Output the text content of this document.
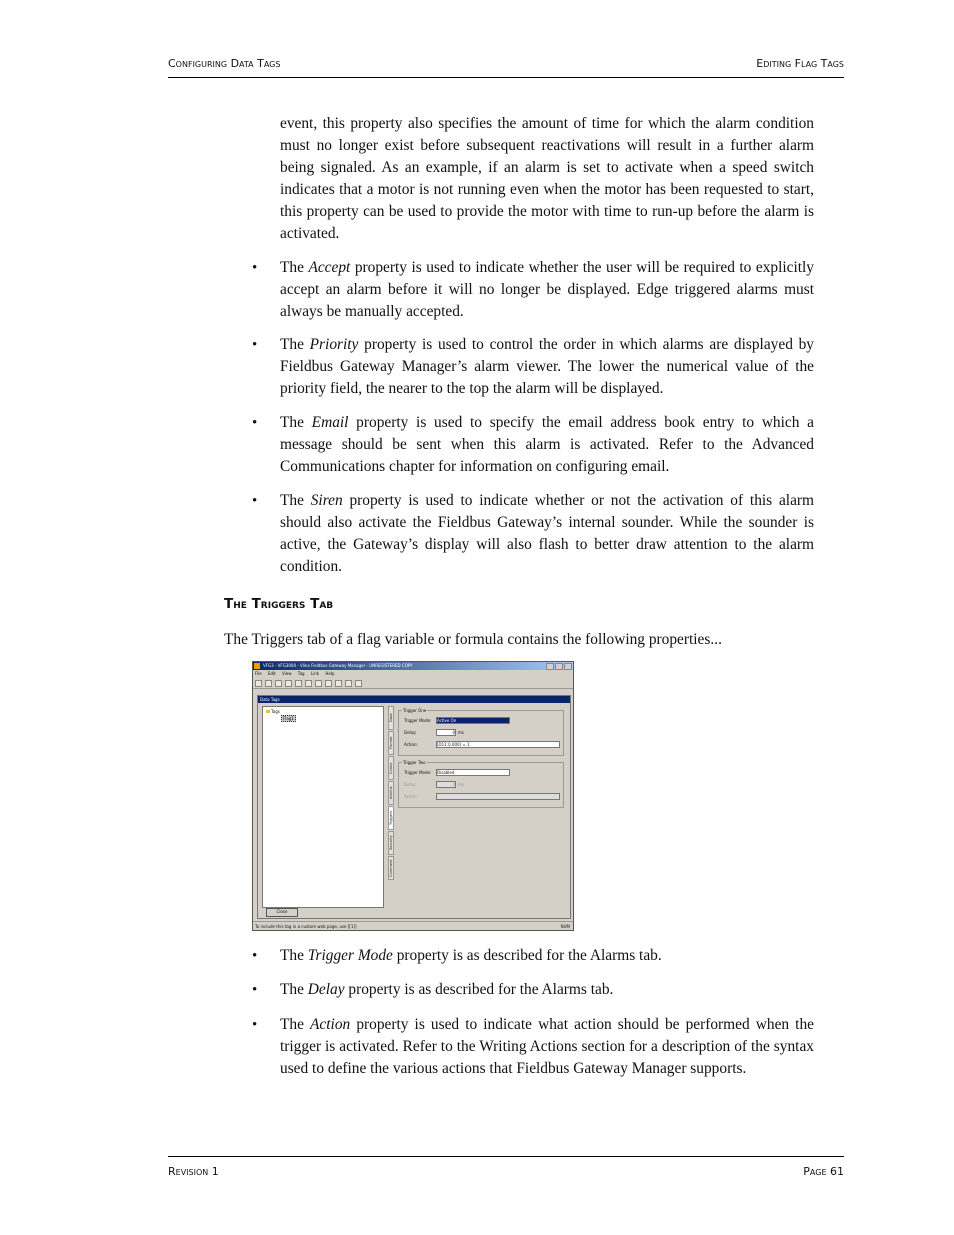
Configuring Data Tags	Editing Flag Tags

event, this property also specifies the amount of time for which the alarm condition must no longer exist before subsequent reactivations will result in a further alarm being signaled. As an example, if an alarm is set to activate when a speed switch indicates that a motor is not running even when the motor has been requested to start, this property can be used to provide the motor with time to run-up before the alarm is activated.

• The Accept property is used to indicate whether the user will be required to explicitly accept an alarm before it will no longer be displayed. Edge triggered alarms must always be manually accepted.

• The Priority property is used to control the order in which alarms are displayed by Fieldbus Gateway Manager’s alarm viewer. The lower the numerical value of the priority field, the nearer to the top the alarm will be displayed.

• The Email property is used to specify the email address book entry to which a message should be sent when this alarm is activated. Refer to the Advanced Communications chapter for information on configuring email.

• The Siren property is used to indicate whether or not the activation of this alarm should also activate the Fieldbus Gateway’s internal sounder. While the sounder is active, the Gateway’s display will also flash to better draw attention to the alarm condition.

The Triggers Tab

The Triggers tab of a flag variable or formula contains the following properties...

VFG3 - VFG3000 - Vlinx Fieldbus Gateway Manager - UNREGISTERED COPY
File Edit View Tag Link Help
Data Tags
Tags
Flag1
Close
Data
Format
Colors
Alarms
Triggers
Security
Comment
Trigger One
Trigger Mode: Active On
Delay:	0 ms
Action:	[D11:0.000] = 1
Trigger Two
Trigger Mode: Disabled
Delay:	0 ms
Action:
To include this tag in a custom web page, use [[1]]	NUM
• The Trigger Mode property is as described for the Alarms tab.

• The Delay property is as described for the Alarms tab.

• The Action property is used to indicate what action should be performed when the trigger is activated. Refer to the Writing Actions section for a description of the syntax used to define the various actions that Fieldbus Gateway Manager supports.

Revision 1	Page 61
